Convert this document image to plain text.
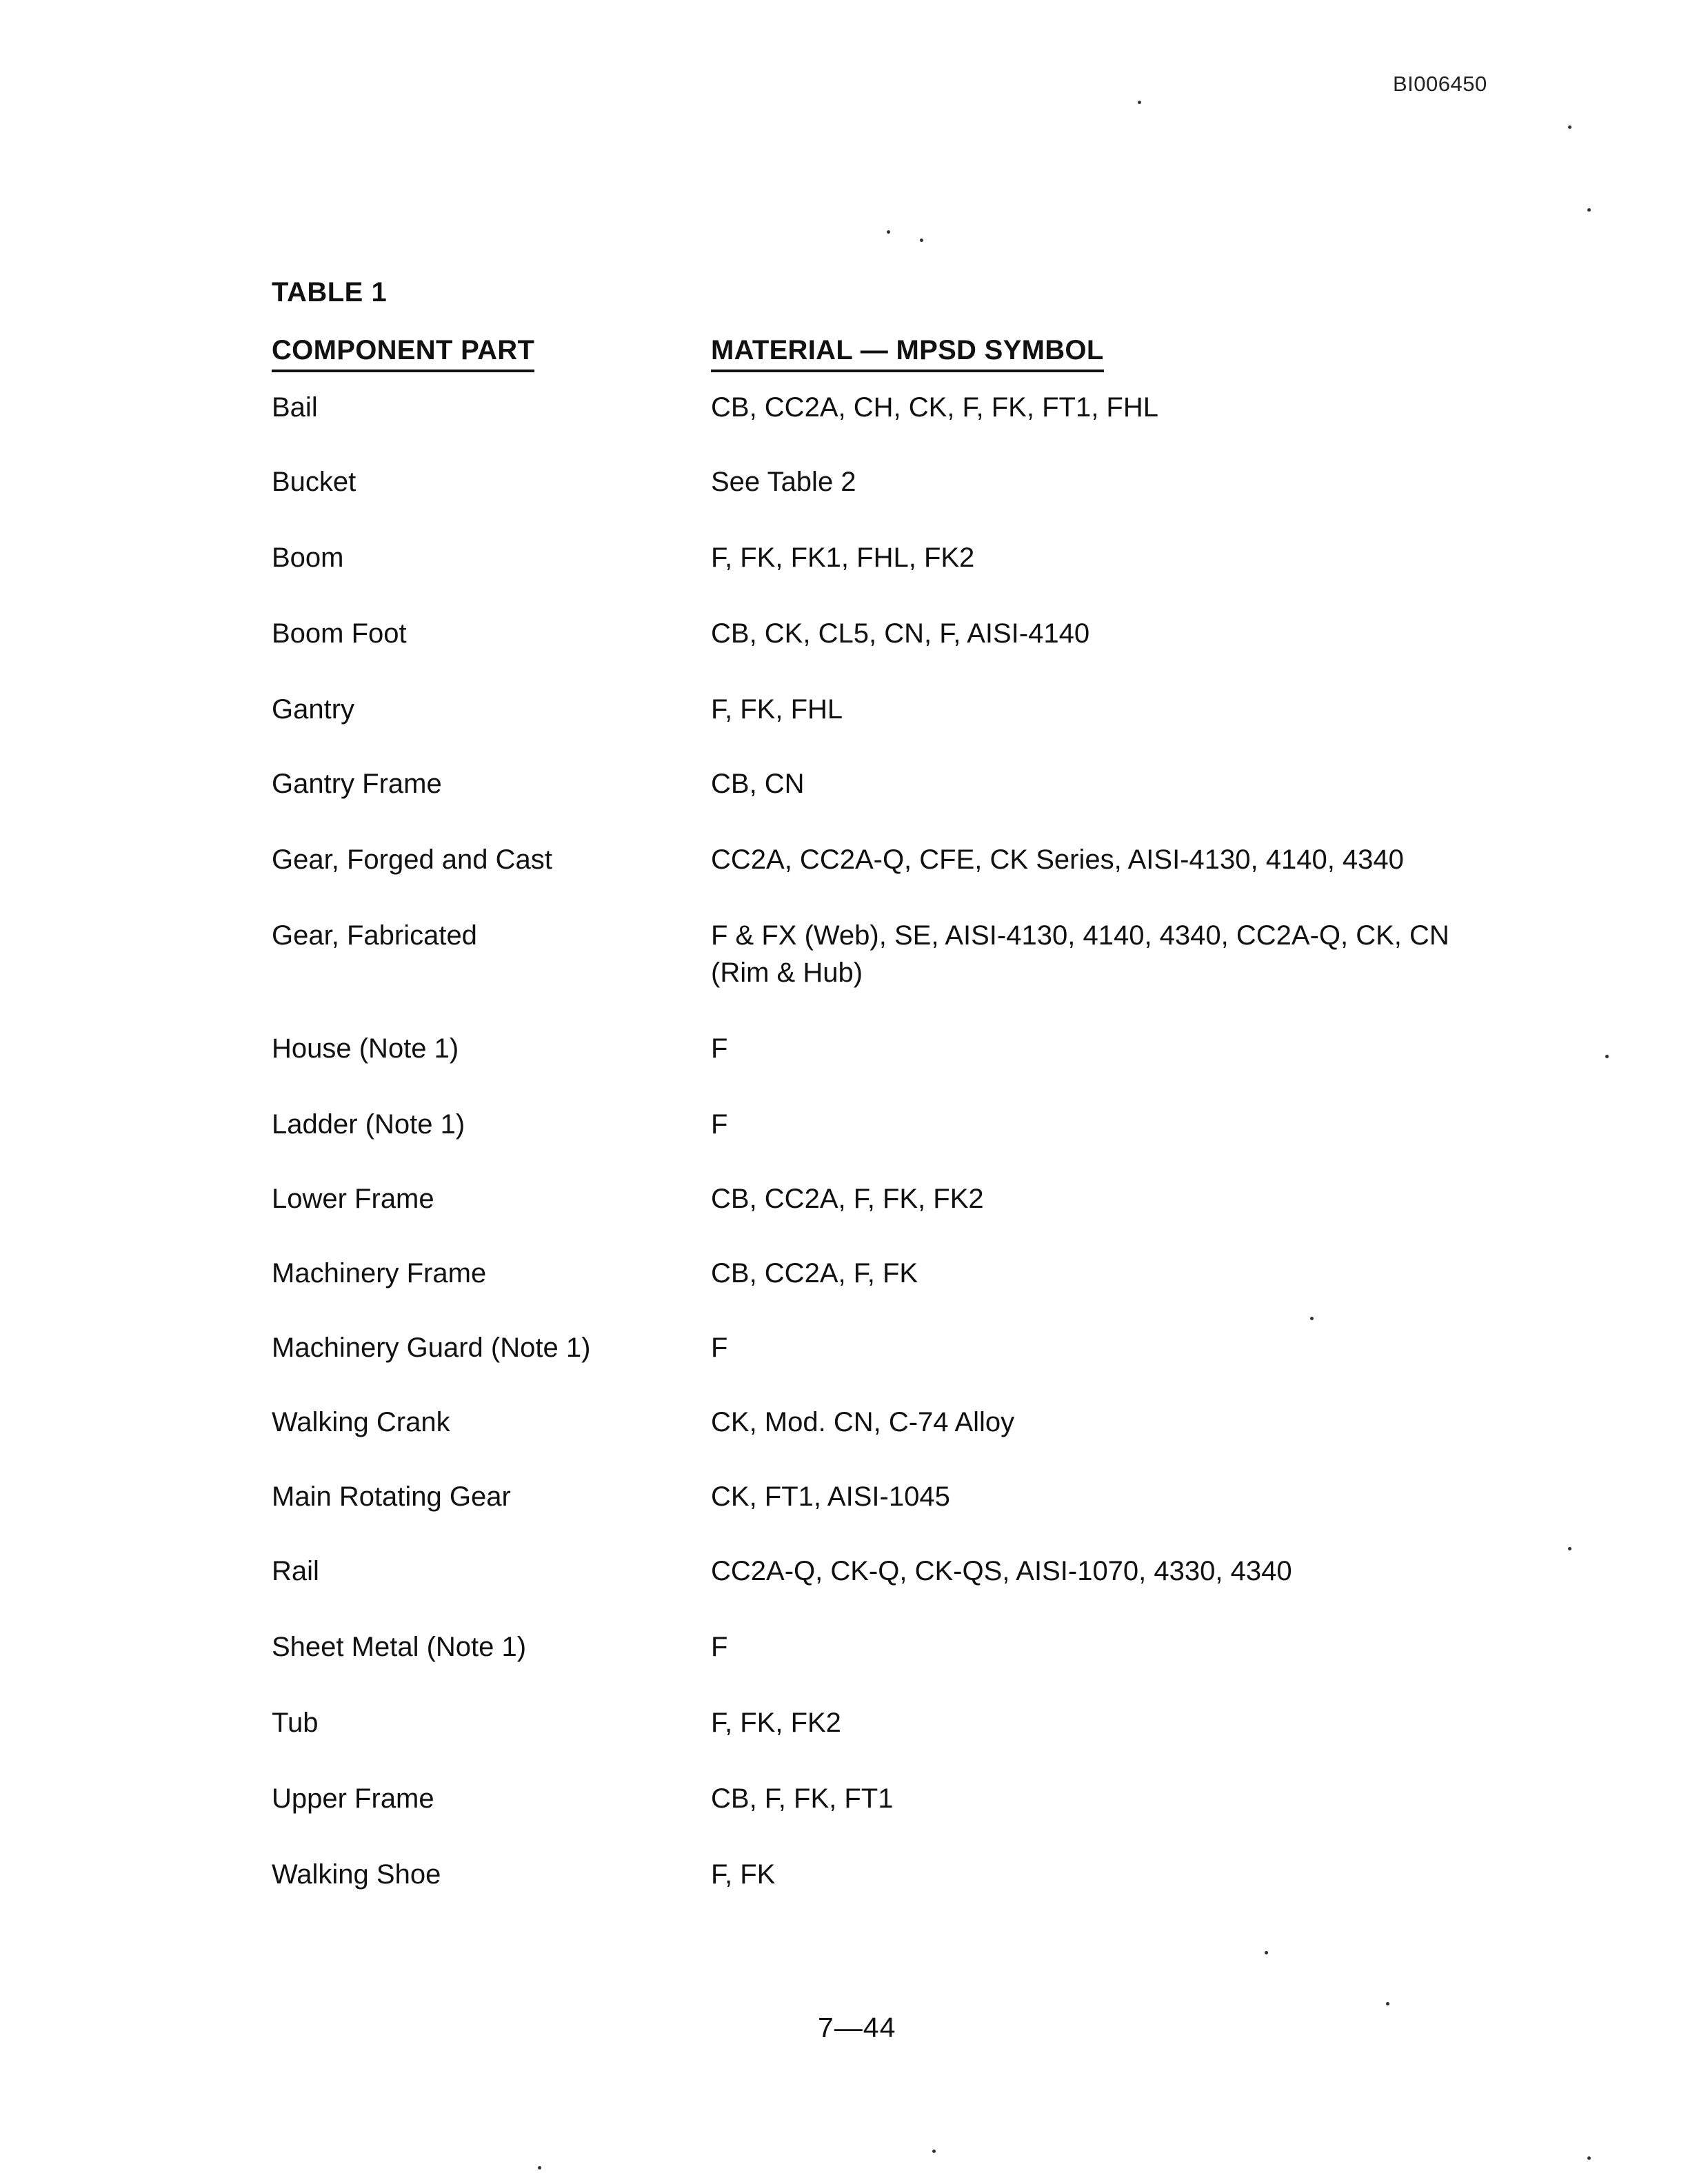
BI006450
TABLE 1
COMPONENT PART	MATERIAL — MPSD SYMBOL
Bail	CB, CC2A, CH, CK, F, FK, FT1, FHL
Bucket	See Table 2
Boom	F, FK, FK1, FHL, FK2
Boom Foot	CB, CK, CL5, CN, F, AISI-4140
Gantry	F, FK, FHL
Gantry Frame	CB, CN
Gear, Forged and Cast	CC2A, CC2A-Q, CFE, CK Series, AISI-4130, 4140, 4340
Gear, Fabricated	F & FX (Web), SE, AISI-4130, 4140, 4340, CC2A-Q, CK, CN (Rim & Hub)
House (Note 1)	F
Ladder (Note 1)	F
Lower Frame	CB, CC2A, F, FK, FK2
Machinery Frame	CB, CC2A, F, FK
Machinery Guard (Note 1)	F
Walking Crank	CK, Mod. CN, C-74 Alloy
Main Rotating Gear	CK, FT1, AISI-1045
Rail	CC2A-Q, CK-Q, CK-QS, AISI-1070, 4330, 4340
Sheet Metal (Note 1)	F
Tub	F, FK, FK2
Upper Frame	CB, F, FK, FT1
Walking Shoe	F, FK
7—44
